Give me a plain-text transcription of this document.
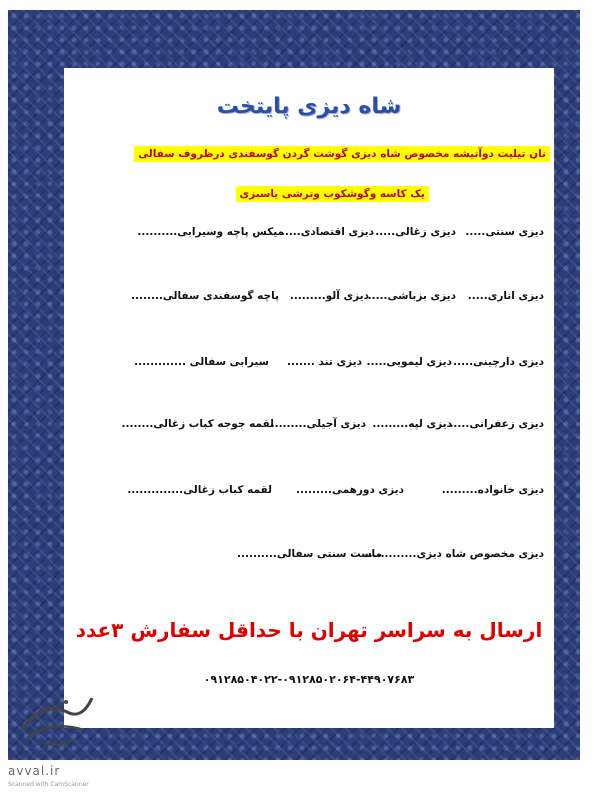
شاه دیزی پایتخت
نان تیلیت دوآتیشه مخصوص شاه دیزی گوشت گردن گوسفندی درظروف سفالی
یک کاسه وگوشکوب وترشی یاسبزی
دیزی سنتی.....
دیزی زغالی.....
دیزی اقتصادی.....
میکس پاچه وسیرابی..........
دیزی اناری.....
دیزی بزباشی.....
دیزی آلو.........
پاچه گوسفندی سفالی........
دیزی دارچینی.....
دیزی لیمویی.....
دیزی تند .......
سیرابی سفالی .............
دیزی زعفرانی.....
دیزی لپه.........
دیزی آجیلی.........
لقمه جوجه کباب زغالی........
دیزی خانواده.........
دیزی دورهمی.........
لقمه کباب زغالی..............
دیزی مخصوص شاه دیزی.............
ماست سنتی سفالی..........
ارسال به سراسر تهران با حداقل سفارش ۳عدد
۰۹۱۲۸۵۰۴۰۲۲-۰۹۱۲۸۵۰۲۰۶۴-۴۴۹۰۷۶۸۳
avval.ir
Scanned with CamScanner
